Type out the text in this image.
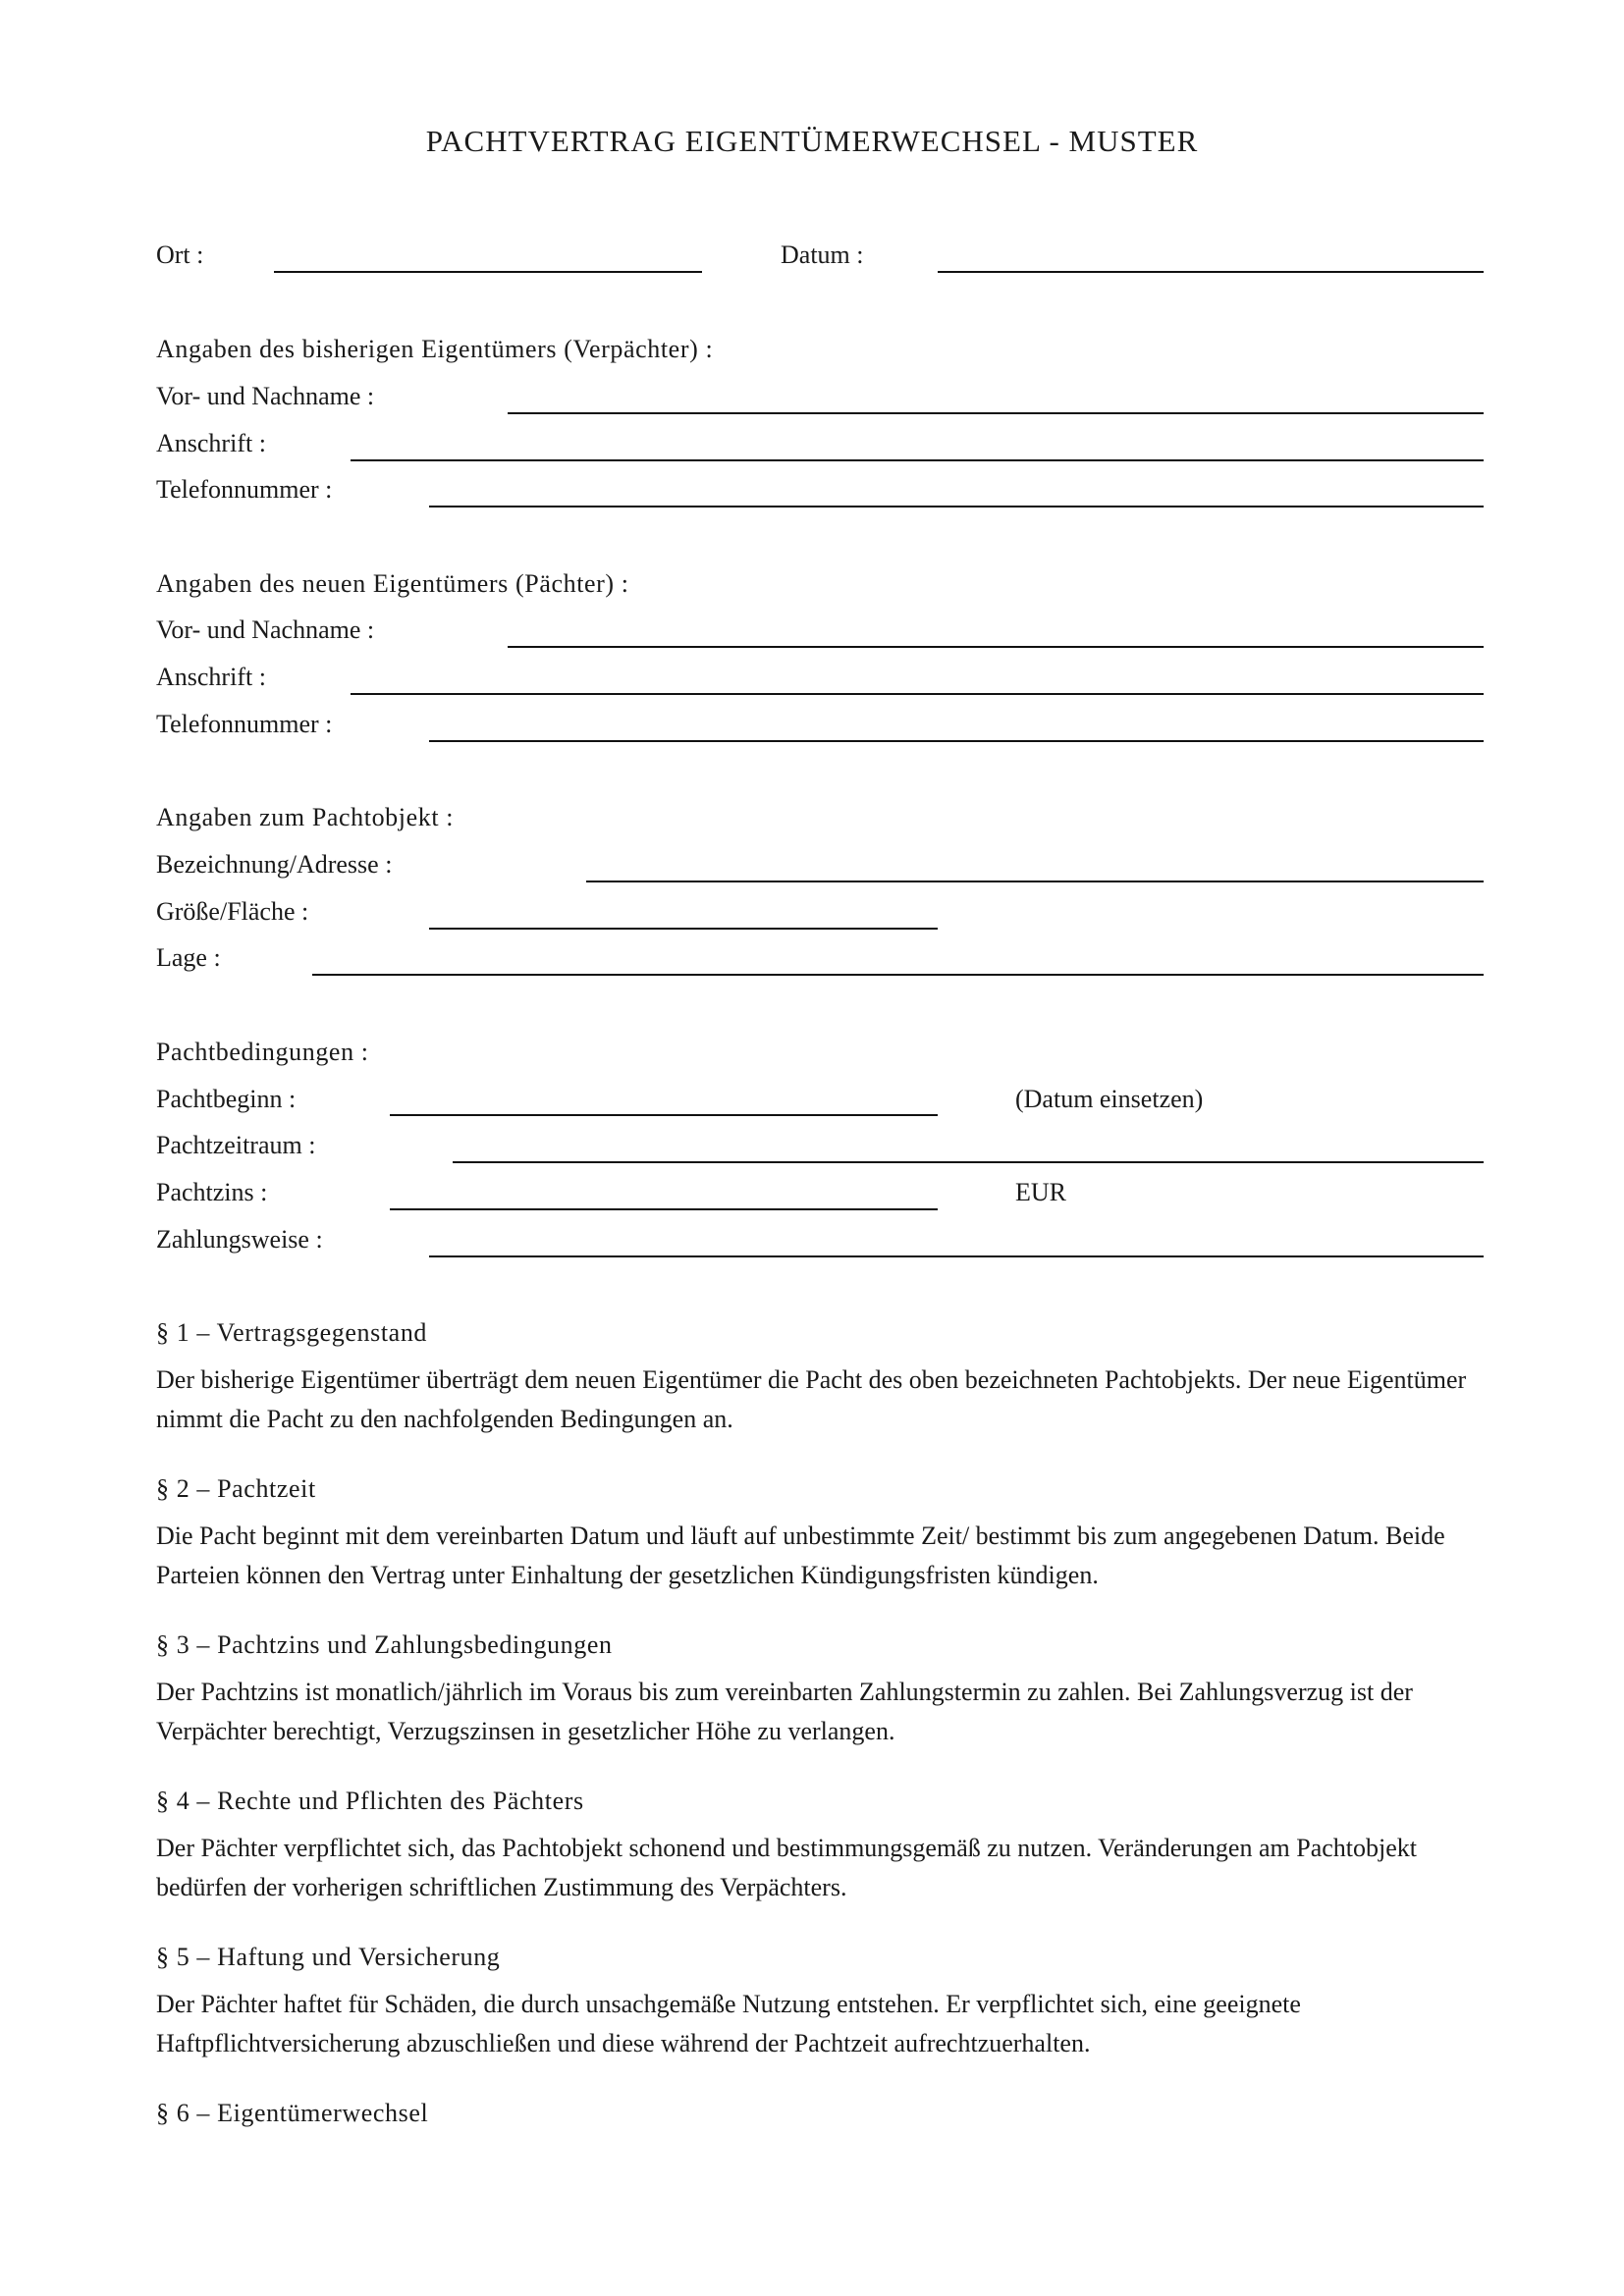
PACHTVERTRAG EIGENTÜMERWECHSEL - MUSTER
Ort :	Datum :
Angaben des bisherigen Eigentümers (Verpächter) :
Vor- und Nachname :
Anschrift :
Telefonnummer :
Angaben des neuen Eigentümers (Pächter) :
Vor- und Nachname :
Anschrift :
Telefonnummer :
Angaben zum Pachtobjekt :
Bezeichnung/Adresse :
Größe/Fläche :
Lage :
Pachtbedingungen :
Pachtbeginn :	(Datum einsetzen)
Pachtzeitraum :
Pachtzins :	EUR
Zahlungsweise :
§ 1 – Vertragsgegenstand
Der bisherige Eigentümer überträgt dem neuen Eigentümer die Pacht des oben bezeichneten Pachtobjekts. Der neue Eigentümer nimmt die Pacht zu den nachfolgenden Bedingungen an.
§ 2 – Pachtzeit
Die Pacht beginnt mit dem vereinbarten Datum und läuft auf unbestimmte Zeit/ bestimmt bis zum angegebenen Datum. Beide Parteien können den Vertrag unter Einhaltung der gesetzlichen Kündigungsfristen kündigen.
§ 3 – Pachtzins und Zahlungsbedingungen
Der Pachtzins ist monatlich/jährlich im Voraus bis zum vereinbarten Zahlungstermin zu zahlen. Bei Zahlungsverzug ist der Verpächter berechtigt, Verzugszinsen in gesetzlicher Höhe zu verlangen.
§ 4 – Rechte und Pflichten des Pächters
Der Pächter verpflichtet sich, das Pachtobjekt schonend und bestimmungsgemäß zu nutzen. Veränderungen am Pachtobjekt bedürfen der vorherigen schriftlichen Zustimmung des Verpächters.
§ 5 – Haftung und Versicherung
Der Pächter haftet für Schäden, die durch unsachgemäße Nutzung entstehen. Er verpflichtet sich, eine geeignete Haftpflichtversicherung abzuschließen und diese während der Pachtzeit aufrechtzuerhalten.
§ 6 – Eigentümerwechsel
